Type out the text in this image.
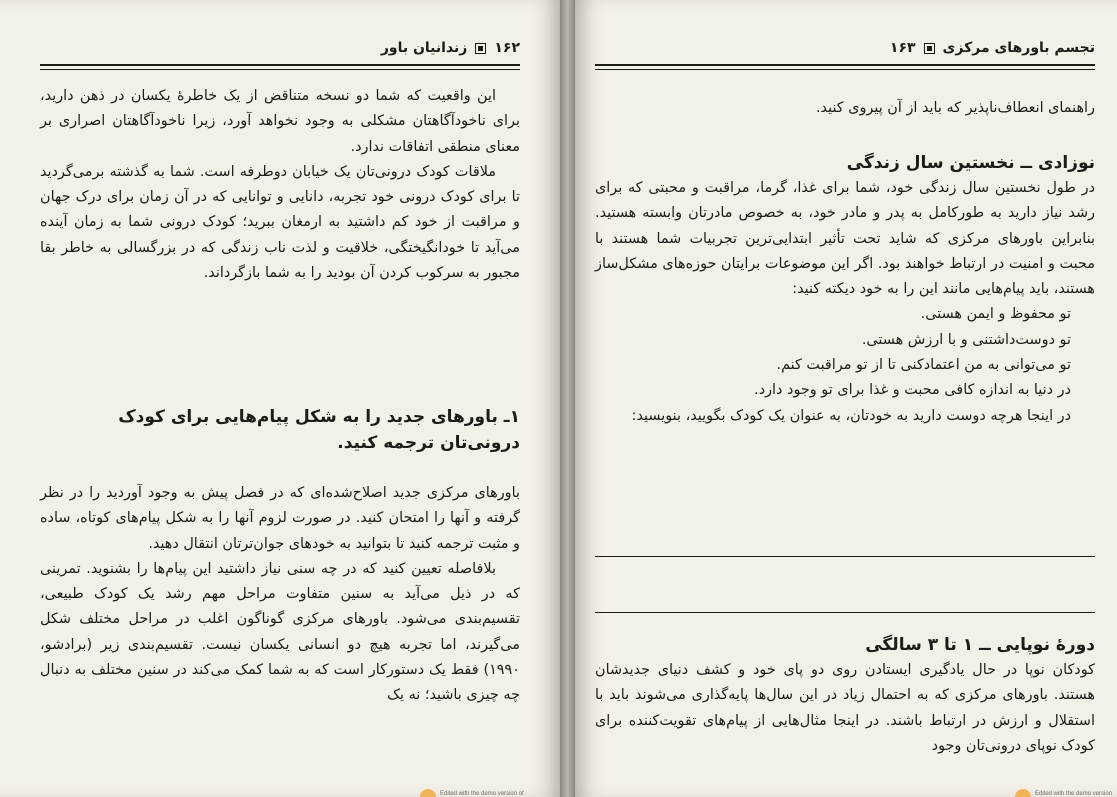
۱۶۲زندانیان باور

این واقعیت که شما دو نسخه متناقض از یک خاطرهٔ یکسان در ذهن دارید، برای ناخودآگاهتان مشکلی به وجود نخواهد آورد، زیرا ناخودآگاهتان اصراری بر معنای منطقی اتفاقات ندارد.

ملاقات کودک درونی‌تان یک خیابان دوطرفه است. شما به گذشته برمی‌گردید تا برای کودک درونی خود تجربه، دانایی و توانایی که در آن زمان برای درک جهان و مراقبت از خود کم داشتید به ارمغان ببرید؛ کودک درونی شما به زمان آینده می‌آید تا خودانگیختگی، خلاقیت و لذت ناب زندگی که در بزرگسالی به خاطر بقا مجبور به سرکوب کردن آن بودید را به شما بازگرداند.

۱ـ باورهای جدید را به شکل پیام‌هایی برای کودک درونی‌تان ترجمه کنید.

باورهای مرکزی جدید اصلاح‌شده‌ای که در فصل پیش به وجود آوردید را در نظر گرفته و آنها را امتحان کنید. در صورت لزوم آنها را به شکل پیام‌های کوتاه، ساده و مثبت ترجمه کنید تا بتوانید به خودهای جوان‌ترتان انتقال دهید.

بلافاصله تعیین کنید که در چه سنی نیاز داشتید این پیام‌ها را بشنوید. تمرینی که در ذیل می‌آید به سنین متفاوت مراحل مهم رشد یک کودک طبیعی، تقسیم‌بندی می‌شود. باورهای مرکزی گوناگون اغلب در مراحل مختلف شکل می‌گیرند، اما تجربه هیچ دو انسانی یکسان نیست. تقسیم‌بندی زیر (برادشو، ۱۹۹۰) فقط یک دستورکار است که به شما کمک می‌کند در سنین مختلف به دنبال چه چیزی باشید؛ نه یک

Edited with the demo version of
تجسم باورهای مرکزی۱۶۳

راهنمای انعطاف‌ناپذیر که باید از آن پیروی کنید.

نوزادی ــ نخستین سال زندگی

در طول نخستین سال زندگی خود، شما برای غذا، گرما، مراقبت و محبتی که برای رشد نیاز دارید به طورکامل به پدر و مادر خود، به خصوص مادرتان وابسته هستید. بنابراین باورهای مرکزی که شاید تحت تأثیر ابتدایی‌ترین تجربیات شما هستند با محبت و امنیت در ارتباط خواهند بود. اگر این موضوعات برایتان حوزه‌های مشکل‌ساز هستند، باید پیام‌هایی مانند این را به خود دیکته کنید:

تو محفوظ و ایمن هستی.
تو دوست‌داشتنی و با ارزش هستی.
تو می‌توانی به من اعتمادکنی تا از تو مراقبت کنم.
در دنیا به اندازه کافی محبت و غذا برای تو وجود دارد.

در اینجا هرچه دوست دارید به خودتان، به عنوان یک کودک بگویید، بنویسید:

دورهٔ نوپایی ــ ۱ تا ۳ سالگی

کودکان نوپا در حال یادگیری ایستادن روی دو پای خود و کشف دنیای جدیدشان هستند. باورهای مرکزی که به احتمال زیاد در این سال‌ها پایه‌گذاری می‌شوند باید با استقلال و ارزش در ارتباط باشند. در اینجا مثال‌هایی از پیام‌های تقویت‌کننده برای کودک نوپای درونی‌تان وجود

Edited with the demo version
